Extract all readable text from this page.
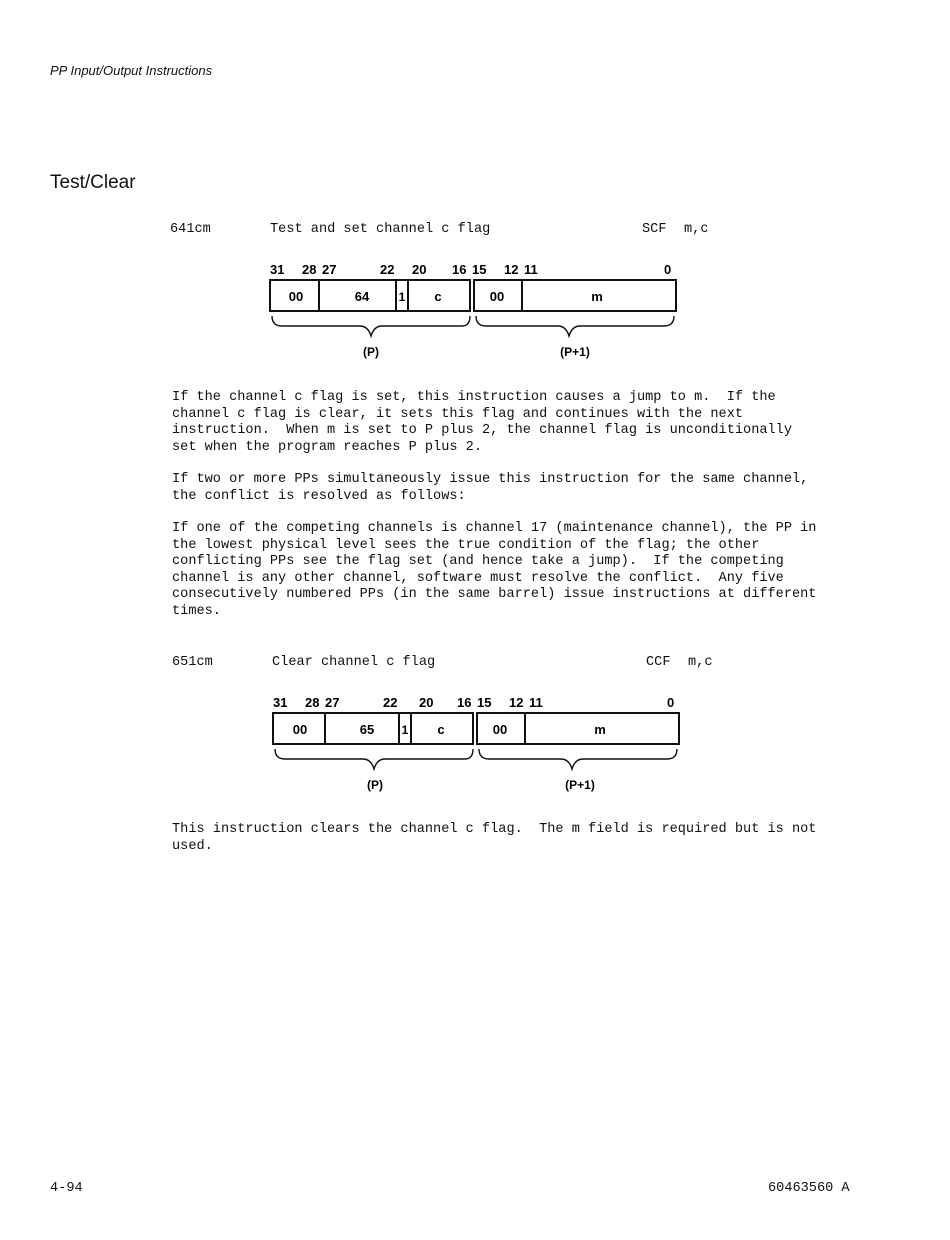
PP Input/Output Instructions
Test/Clear
641cm	Test and set channel c flag	SCF m,c
31 28 27	22 20 16 15 12 11	0
00	64 1 c	00	m
(P)	(P+1)

If the channel c flag is set, this instruction causes a jump to m.  If the
channel c flag is clear, it sets this flag and continues with the next
instruction.  When m is set to P plus 2, the channel flag is unconditionally
set when the program reaches P plus 2.

If two or more PPs simultaneously issue this instruction for the same channel,
the conflict is resolved as follows:

If one of the competing channels is channel 17 (maintenance channel), the PP in
the lowest physical level sees the true condition of the flag; the other
conflicting PPs see the flag set (and hence take a jump).  If the competing
channel is any other channel, software must resolve the conflict.  Any five
consecutively numbered PPs (in the same barrel) issue instructions at different
times.

651cm	Clear channel c flag	CCF m,c
31 28 27	22 20 16 15 12 11	0
00	65 1 c	00	m
(P)	(P+1)

This instruction clears the channel c flag.  The m field is required but is not
used.

4-94	60463560 A
